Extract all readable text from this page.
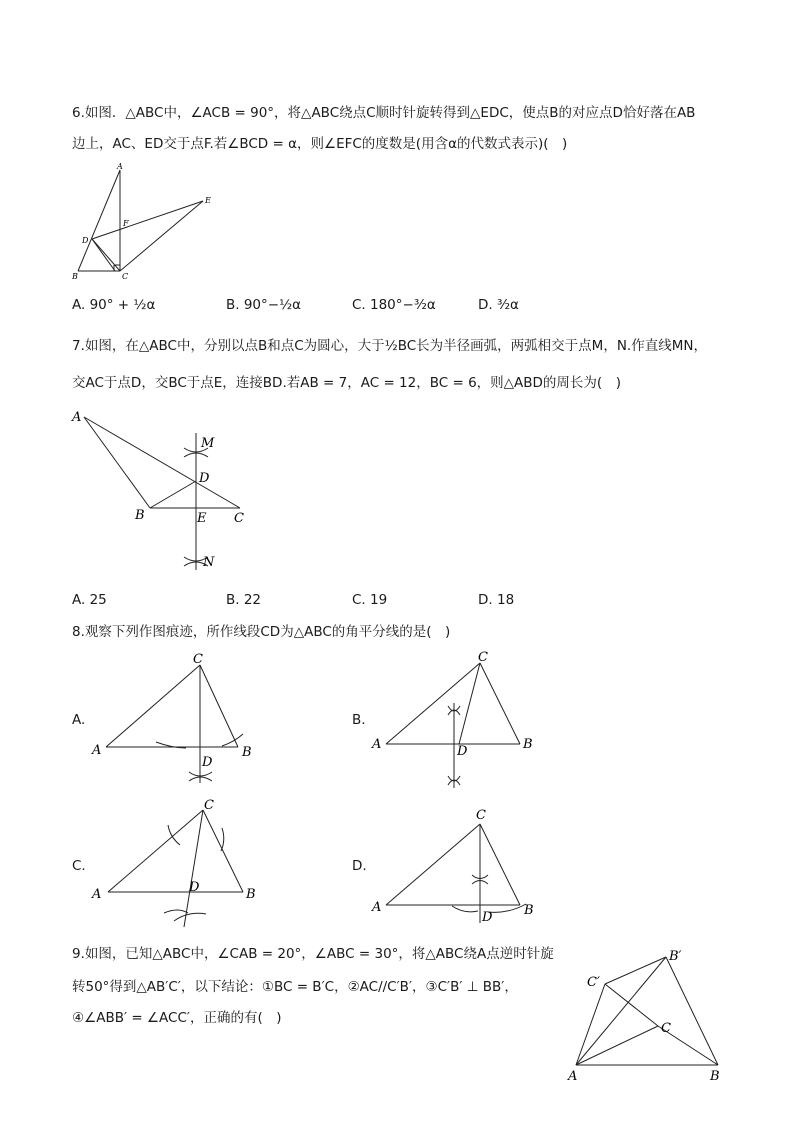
6.如图．△ABC中，∠ACB = 90°，将△ABC绕点C顺时针旋转得到△EDC，使点B的对应点D恰好落在AB
边上，AC、ED交于点F.若∠BCD = α，则∠EFC的度数是(用含α的代数式表示)(　)
A
B	C
D
E
F
A. 90° + ½α	B. 90°−½α	C. 180°−³⁄₂α	D. ³⁄₂α
7.如图，在△ABC中，分别以点B和点C为圆心，大于½BC长为半径画弧，两弧相交于点M，N.作直线MN，
交AC于点D，交BC于点E，连接BD.若AB = 7，AC = 12，BC = 6，则△ABD的周长为(　)
A
B	C
D
E
M
N
A. 25	B. 22	C. 19	D. 18
8.观察下列作图痕迹，所作线段CD为△ABC的角平分线的是(　)
A.
C
A	B
D
B.
C
A	B
D
C.
C
A	B
D
D.
C
A	B
D
9.如图，已知△ABC中，∠CAB = 20°，∠ABC = 30°，将△ABC绕A点逆时针旋
转50°得到△AB′C′，以下结论：①BC = B′C，②AC//C′B′，③C′B′ ⊥ BB′，
④∠ABB′ = ∠ACC′，正确的有(　)
A	B
C
B′
C′
